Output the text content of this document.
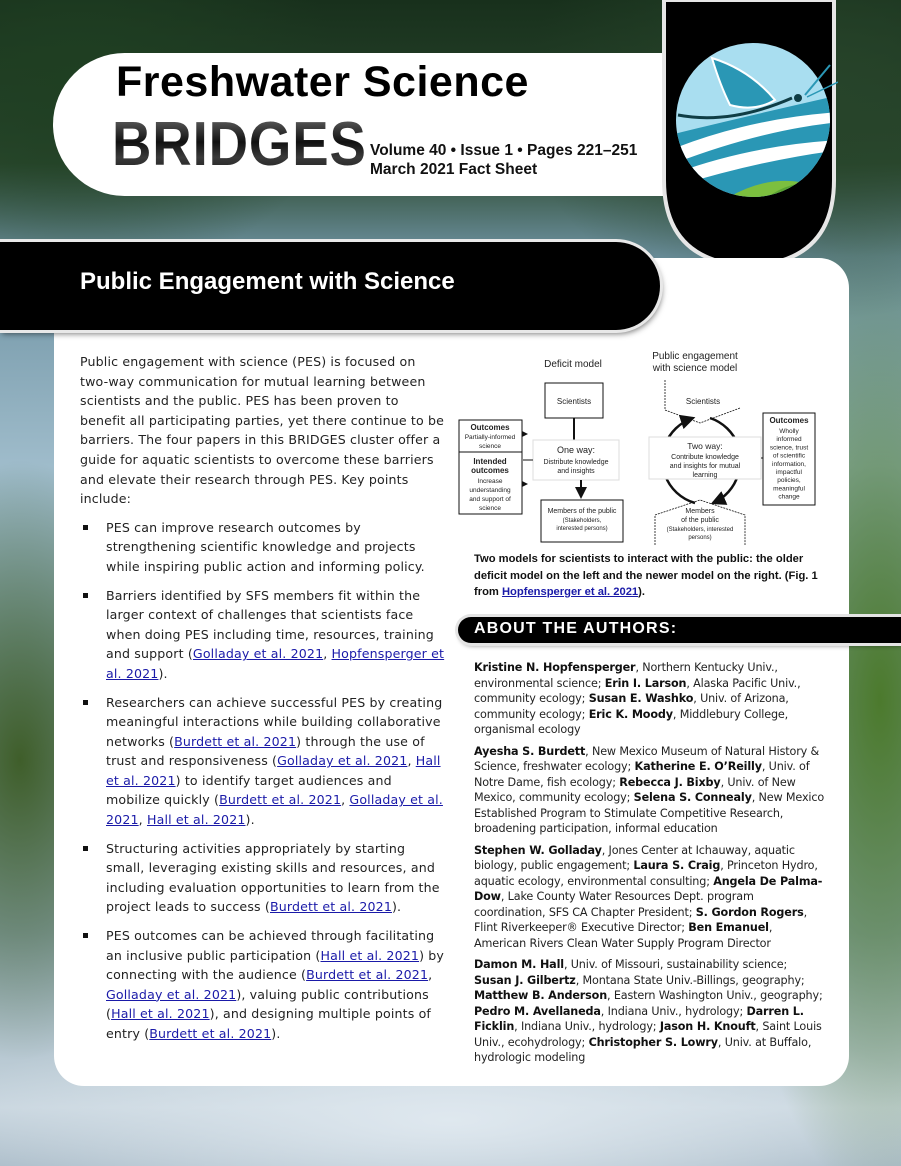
Freshwater Science
BRIDGES Volume 40 • Issue 1 • Pages 221–251
March 2021 Fact Sheet
Public Engagement with Science

Public engagement with science (PES) is focused on two-way communication for mutual learning between scientists and the public. PES has been proven to benefit all participating parties, yet there continue to be barriers. The four papers in this BRIDGES cluster offer a guide for aquatic scientists to overcome these barriers and elevate their research through PES. Key points include:

PES can improve research outcomes by strengthening scientific knowledge and projects while inspiring public action and informing policy.
Barriers identified by SFS members fit within the larger context of challenges that scientists face when doing PES including time, resources, training and support (Golladay et al. 2021, Hopfensperger et al. 2021).
Researchers can achieve successful PES by creating meaningful interactions while building collaborative networks (Burdett et al. 2021) through the use of trust and responsiveness (Golladay et al. 2021, Hall et al. 2021) to identify target audiences and mobilize quickly (Burdett et al. 2021, Golladay et al. 2021, Hall et al. 2021).
Structuring activities appropriately by starting small, leveraging existing skills and resources, and including evaluation opportunities to learn from the project leads to success (Burdett et al. 2021).
PES outcomes can be achieved through facilitating an inclusive public participation (Hall et al. 2021) by connecting with the audience (Burdett et al. 2021, Golladay et al. 2021), valuing public contributions (Hall et al. 2021), and designing multiple points of entry (Burdett et al. 2021).
Deficit model
Scientists
One way:
Distribute knowledge
and insights
Members of the public
(Stakeholders,
interested persons)
Outcomes
Partially-informed
science
Intended
outcomes
Increase
understanding
and support of
science
Public engagement
with science model
Scientists
Two way:
Contribute knowledge
and insights for mutual
learning
Members
of the public
(Stakeholders, interested
persons)
Outcomes
Wholly
informed
science, trust
of scientific
information,
impactful
policies,
meaningful
change
Two models for scientists to interact with the public: the older deficit model on the left and the newer model on the right. (Fig. 1 from Hopfensperger et al. 2021).
ABOUT THE AUTHORS:

Kristine N. Hopfensperger, Northern Kentucky Univ., environmental science; Erin I. Larson, Alaska Pacific Univ., community ecology; Susan E. Washko, Univ. of Arizona, community ecology; Eric K. Moody, Middlebury College, organismal ecology

Ayesha S. Burdett, New Mexico Museum of Natural History & Science, freshwater ecology; Katherine E. O’Reilly, Univ. of Notre Dame, fish ecology; Rebecca J. Bixby, Univ. of New Mexico, community ecology; Selena S. Connealy, New Mexico Established Program to Stimulate Competitive Research, broadening participation, informal education

Stephen W. Golladay, Jones Center at Ichauway, aquatic biology, public engagement; Laura S. Craig, Princeton Hydro, aquatic ecology, environmental consulting; Angela De Palma-Dow, Lake County Water Resources Dept. program coordination, SFS CA Chapter President; S. Gordon Rogers, Flint Riverkeeper® Executive Director; Ben Emanuel, American Rivers Clean Water Supply Program Director

Damon M. Hall, Univ. of Missouri, sustainability science; Susan J. Gilbertz, Montana State Univ.-Billings, geography; Matthew B. Anderson, Eastern Washington Univ., geography; Pedro M. Avellaneda, Indiana Univ., hydrology; Darren L. Ficklin, Indiana Univ., hydrology; Jason H. Knouft, Saint Louis Univ., ecohydrology; Christopher S. Lowry, Univ. at Buffalo, hydrologic modeling
